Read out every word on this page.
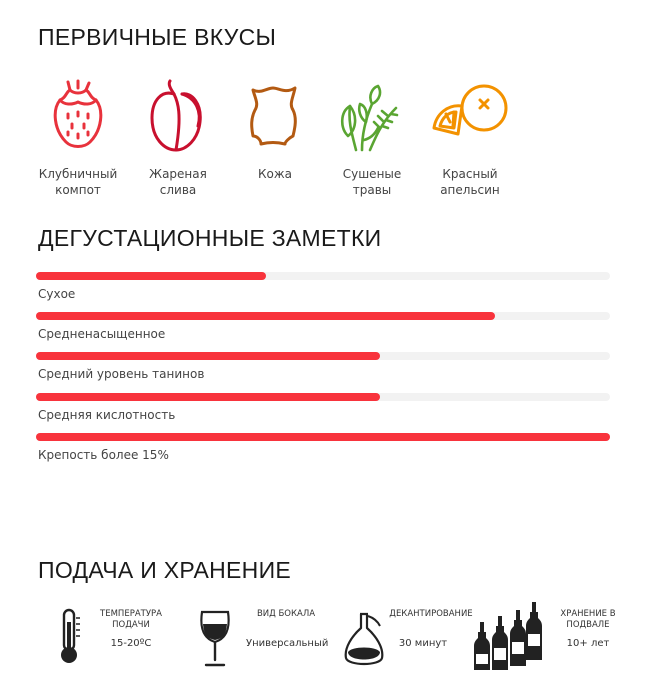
ПЕРВИЧНЫЕ ВКУСЫ
Клубничный компот
Жареная слива
Кожа	Сушеные травы
Красный апельсин
ДЕГУСТАЦИОННЫЕ ЗАМЕТКИ
Сухое
Средненасыщенное
Средний уровень танинов
Средняя кислотность
Крепость более 15%
ПОДАЧА И ХРАНЕНИЕ
ТЕМПЕРАТУРА ПОДАЧИ
15-20ºС
ВИД БОКАЛА
Универсальный
ДЕКАНТИРОВАНИЕ
30 минут
ХРАНЕНИЕ В ПОДВАЛЕ
10+ лет
